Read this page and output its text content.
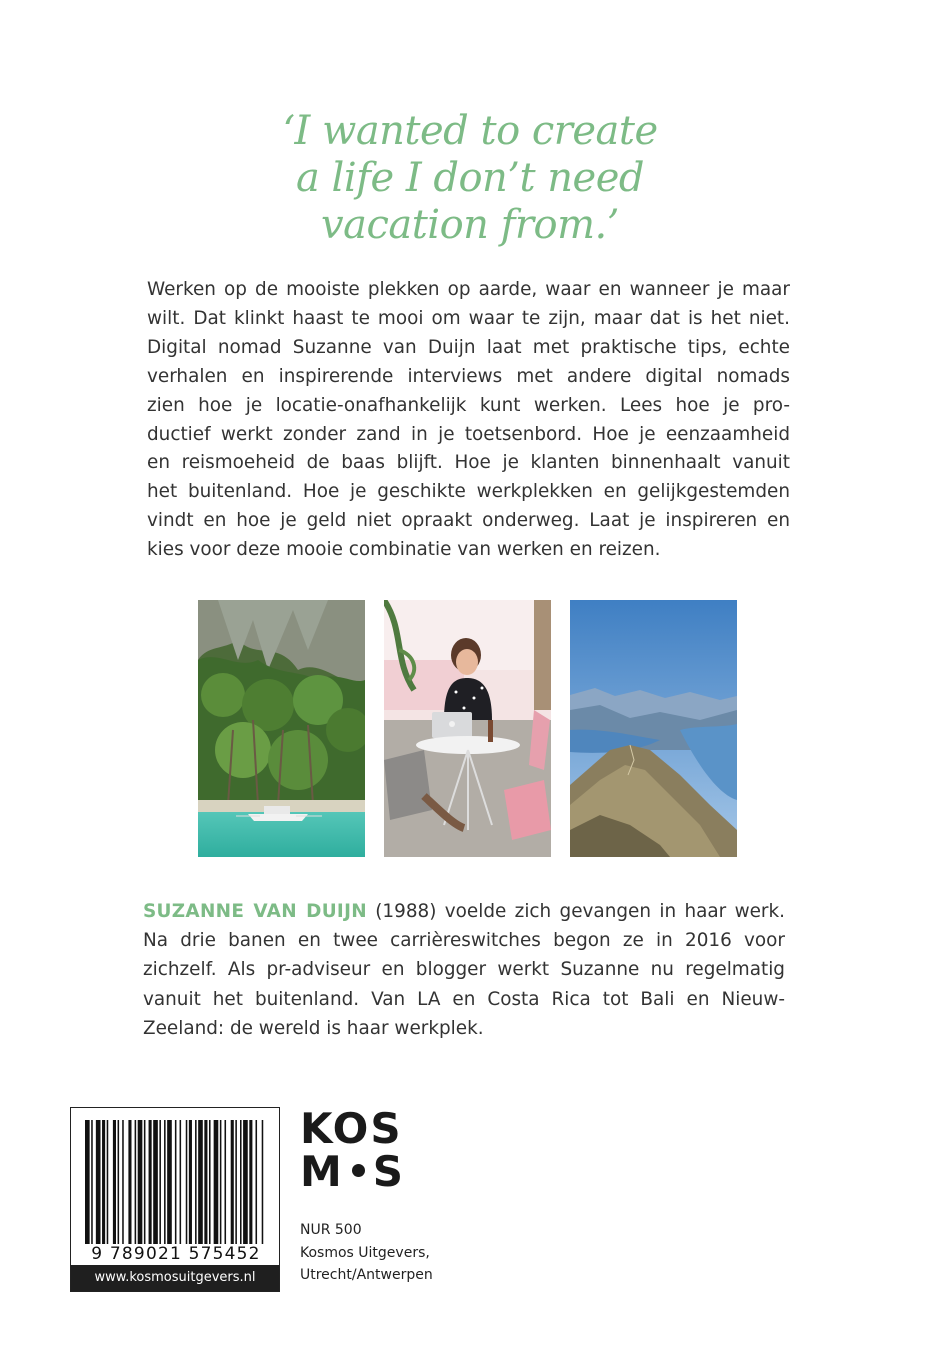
‘I wanted to create
a life I don’t need
vacation from.’
Werken op de mooiste plekken op aarde, waar en wanneer je maar
wilt. Dat klinkt haast te mooi om waar te zijn, maar dat is het niet.
Digital nomad Suzanne van Duijn laat met praktische tips, echte
verhalen en inspirerende interviews met andere digital nomads
zien hoe je locatie-onafhankelijk kunt werken. Lees hoe je pro-
ductief werkt zonder zand in je toetsenbord. Hoe je eenzaamheid
en reismoeheid de baas blijft. Hoe je klanten binnenhaalt vanuit
het buitenland. Hoe je geschikte werkplekken en gelijkgestemden
vindt en hoe je geld niet opraakt onderweg. Laat je inspireren en
kies voor deze mooie combinatie van werken en reizen.
SUZANNE VAN DUIJN (1988) voelde zich gevangen in haar werk.
Na drie banen en twee carrièreswitches begon ze in 2016 voor
zichzelf. Als pr-adviseur en blogger werkt Suzanne nu regelmatig
vanuit het buitenland. Van LA en Costa Rica tot Bali en Nieuw-
Zeeland: de wereld is haar werkplek.
9 789021 575452
www.kosmosuitgevers.nl
KOS
M S
NUR 500
Kosmos Uitgevers,
Utrecht/Antwerpen
